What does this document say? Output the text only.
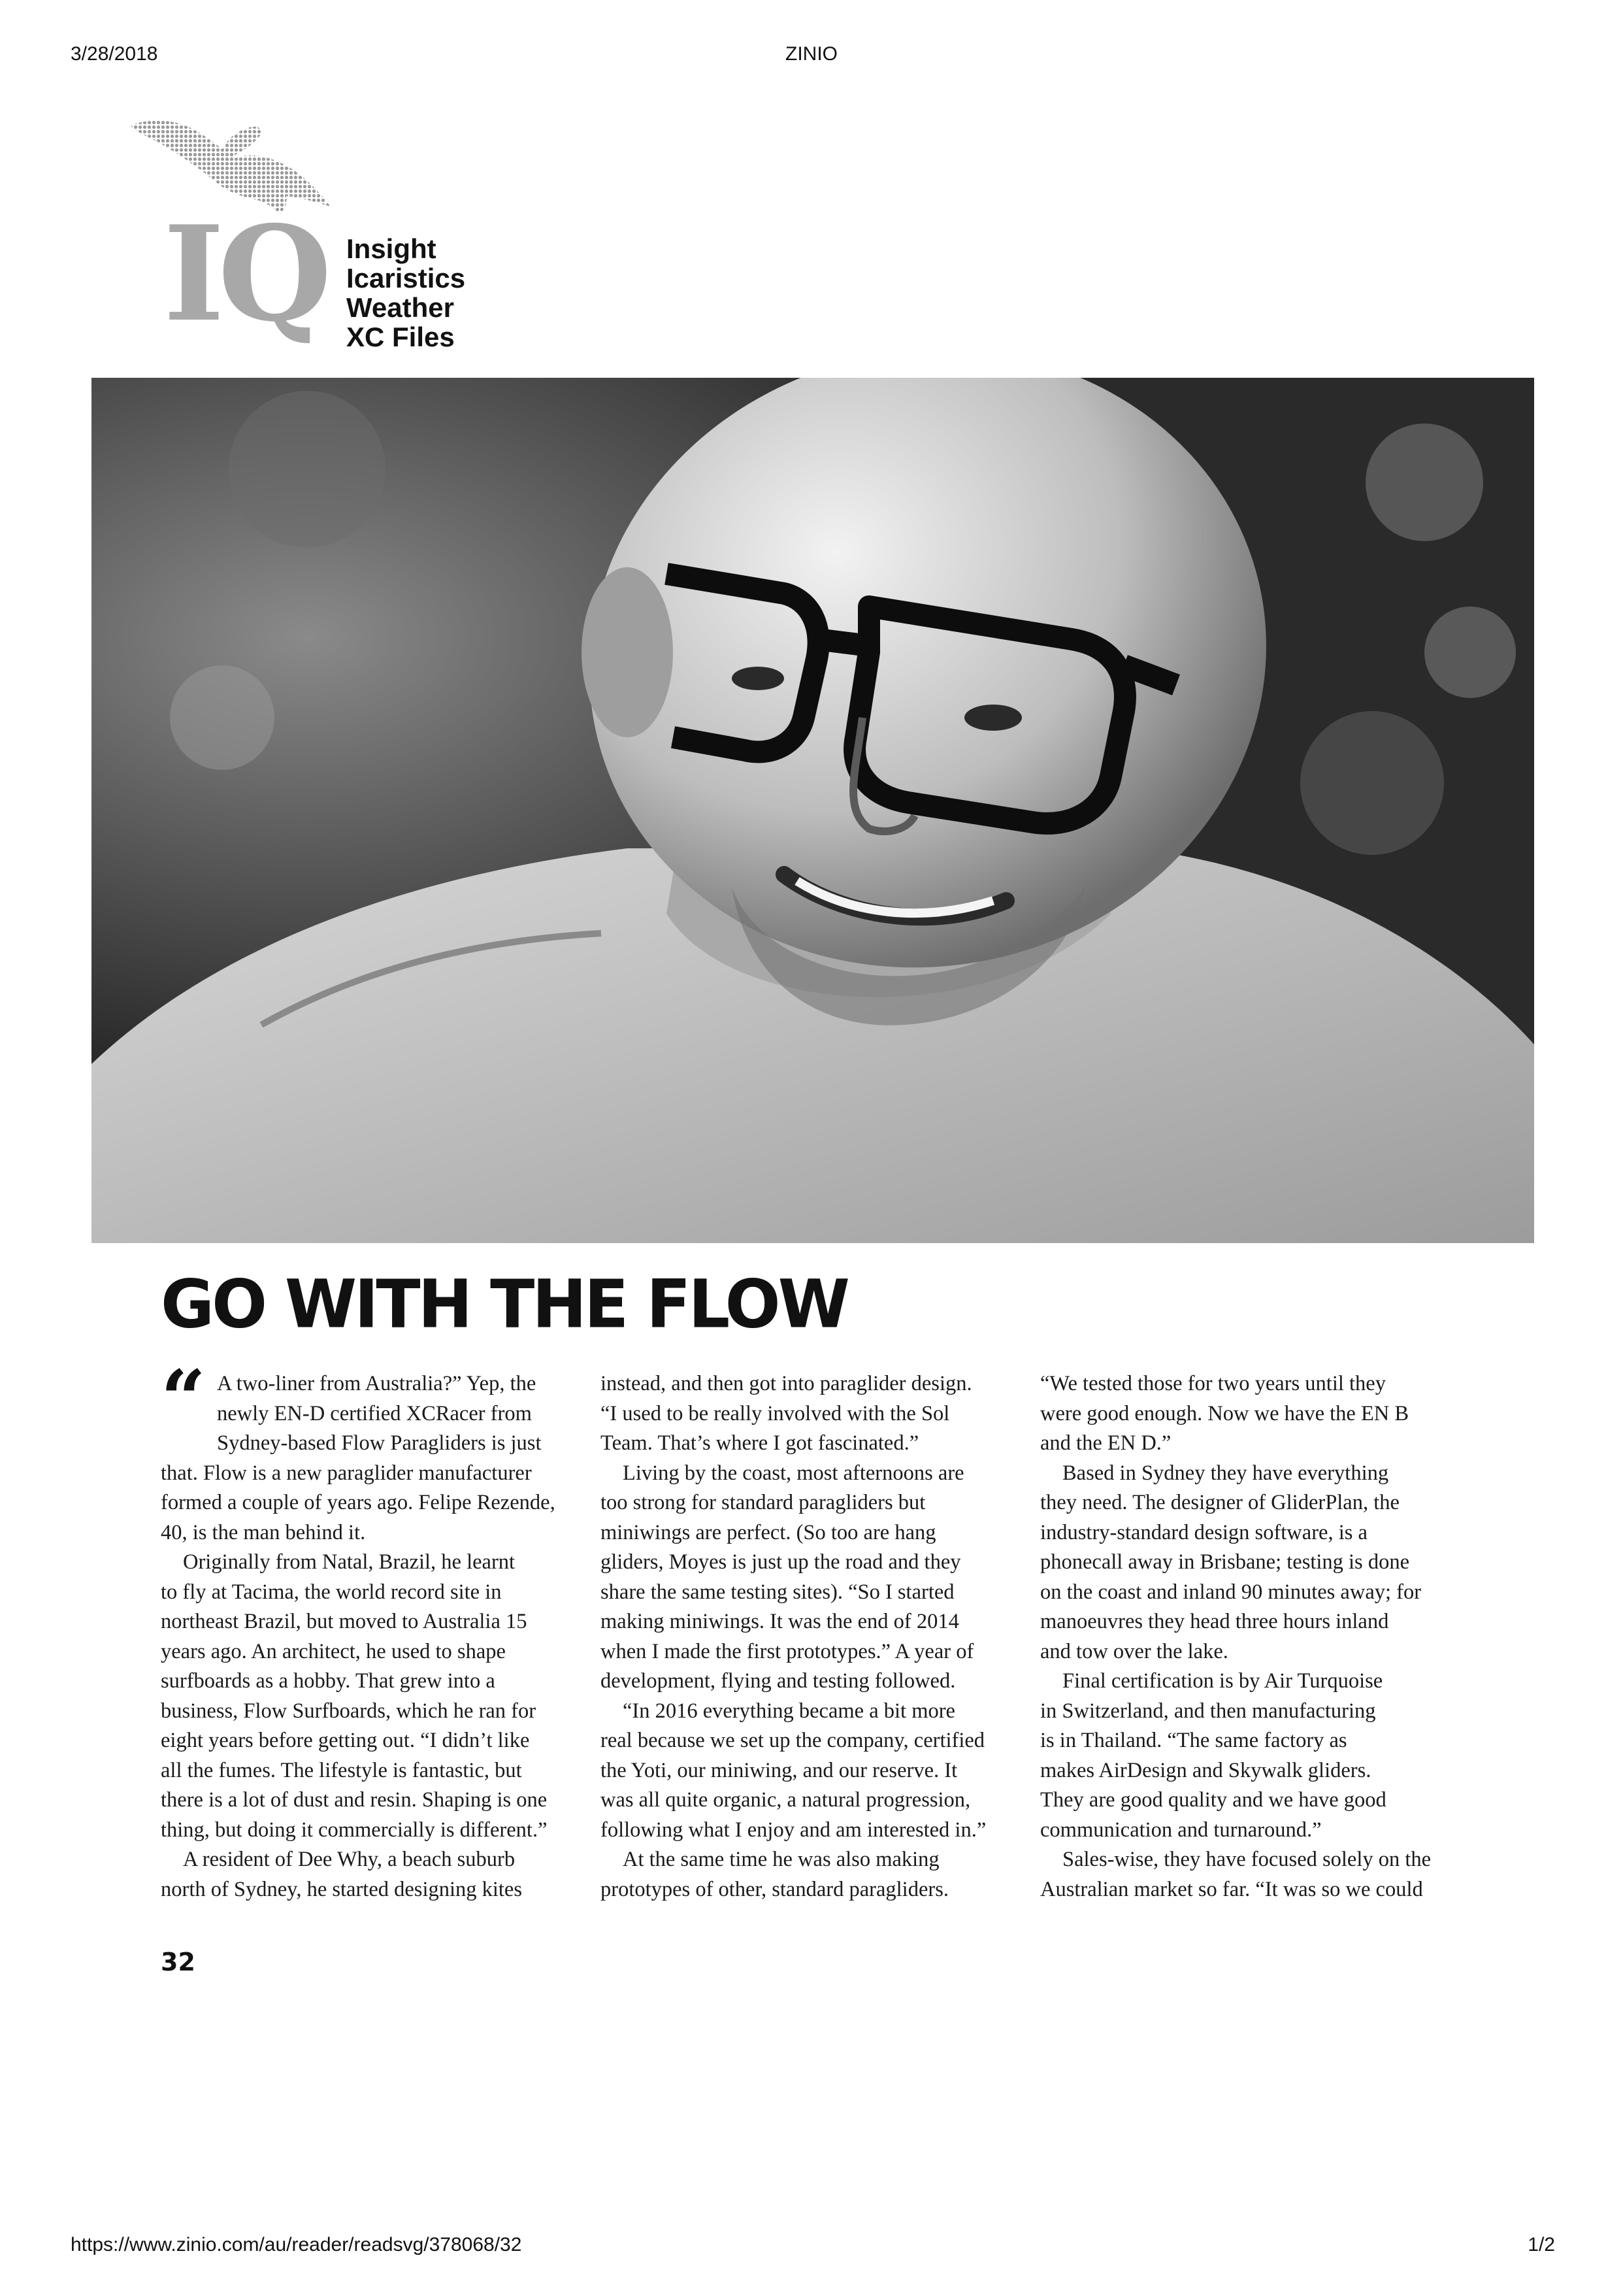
3/28/2018	ZINIO
IQ Insight
Icaristics
Weather
XC Files
GO WITH THE FLOW
“ A two-liner from Australia?” Yep, the
newly EN-D certified XCRacer from
Sydney-based Flow Paragliders is just
that. Flow is a new paraglider manufacturer
formed a couple of years ago. Felipe Rezende,
40, is the man behind it.

Originally from Natal, Brazil, he learnt
to fly at Tacima, the world record site in
northeast Brazil, but moved to Australia 15
years ago. An architect, he used to shape
surfboards as a hobby. That grew into a
business, Flow Surfboards, which he ran for
eight years before getting out. “I didn’t like
all the fumes. The lifestyle is fantastic, but
there is a lot of dust and resin. Shaping is one
thing, but doing it commercially is different.”

A resident of Dee Why, a beach suburb
north of Sydney, he started designing kites

instead, and then got into paraglider design.
“I used to be really involved with the Sol
Team. That’s where I got fascinated.”

Living by the coast, most afternoons are
too strong for standard paragliders but
miniwings are perfect. (So too are hang
gliders, Moyes is just up the road and they
share the same testing sites). “So I started
making miniwings. It was the end of 2014
when I made the first prototypes.” A year of
development, flying and testing followed.

“In 2016 everything became a bit more
real because we set up the company, certified
the Yoti, our miniwing, and our reserve. It
was all quite organic, a natural progression,
following what I enjoy and am interested in.”

At the same time he was also making
prototypes of other, standard paragliders.

“We tested those for two years until they
were good enough. Now we have the EN B
and the EN D.”

Based in Sydney they have everything
they need. The designer of GliderPlan, the
industry-standard design software, is a
phonecall away in Brisbane; testing is done
on the coast and inland 90 minutes away; for
manoeuvres they head three hours inland
and tow over the lake.

Final certification is by Air Turquoise
in Switzerland, and then manufacturing
is in Thailand. “The same factory as
makes AirDesign and Skywalk gliders.
They are good quality and we have good
communication and turnaround.”

Sales-wise, they have focused solely on the
Australian market so far. “It was so we could

32
https://www.zinio.com/au/reader/readsvg/378068/32	1/2
